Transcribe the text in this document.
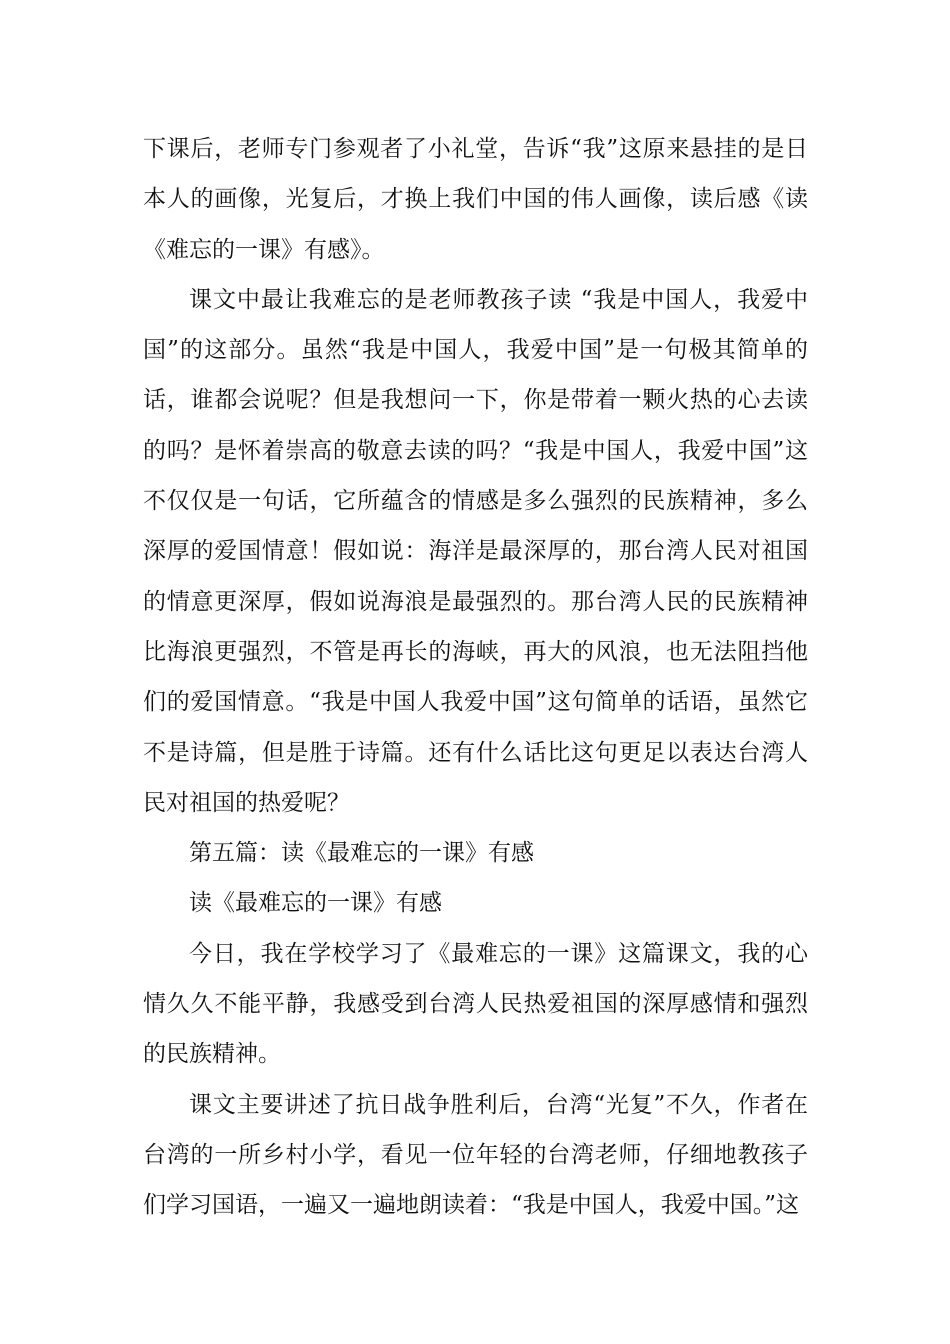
下课后，老师专门参观者了小礼堂，告诉“我”这原来悬挂的是日本人的画像，光复后，才换上我们中国的伟人画像，读后感《读《难忘的一课》有感》。

课文中最让我难忘的是老师教孩子读 “我是中国人，我爱中国”的这部分。虽然“我是中国人，我爱中国”是一句极其简单的话，谁都会说呢？但是我想问一下，你是带着一颗火热的心去读的吗？是怀着崇高的敬意去读的吗？“我是中国人，我爱中国”这不仅仅是一句话，它所蕴含的情感是多么强烈的民族精神，多么深厚的爱国情意！假如说：海洋是最深厚的，那台湾人民对祖国的情意更深厚，假如说海浪是最强烈的。那台湾人民的民族精神比海浪更强烈，不管是再长的海峡，再大的风浪，也无法阻挡他们的爱国情意。“我是中国人我爱中国”这句简单的话语，虽然它不是诗篇，但是胜于诗篇。还有什么话比这句更足以表达台湾人民对祖国的热爱呢？

第五篇：读《最难忘的一课》有感

读《最难忘的一课》有感

今日，我在学校学习了《最难忘的一课》这篇课文，我的心情久久不能平静，我感受到台湾人民热爱祖国的深厚感情和强烈的民族精神。

课文主要讲述了抗日战争胜利后，台湾“光复”不久，作者在台湾的一所乡村小学，看见一位年轻的台湾老师，仔细地教孩子们学习国语，一遍又一遍地朗读着：“我是中国人，我爱中国。”这
